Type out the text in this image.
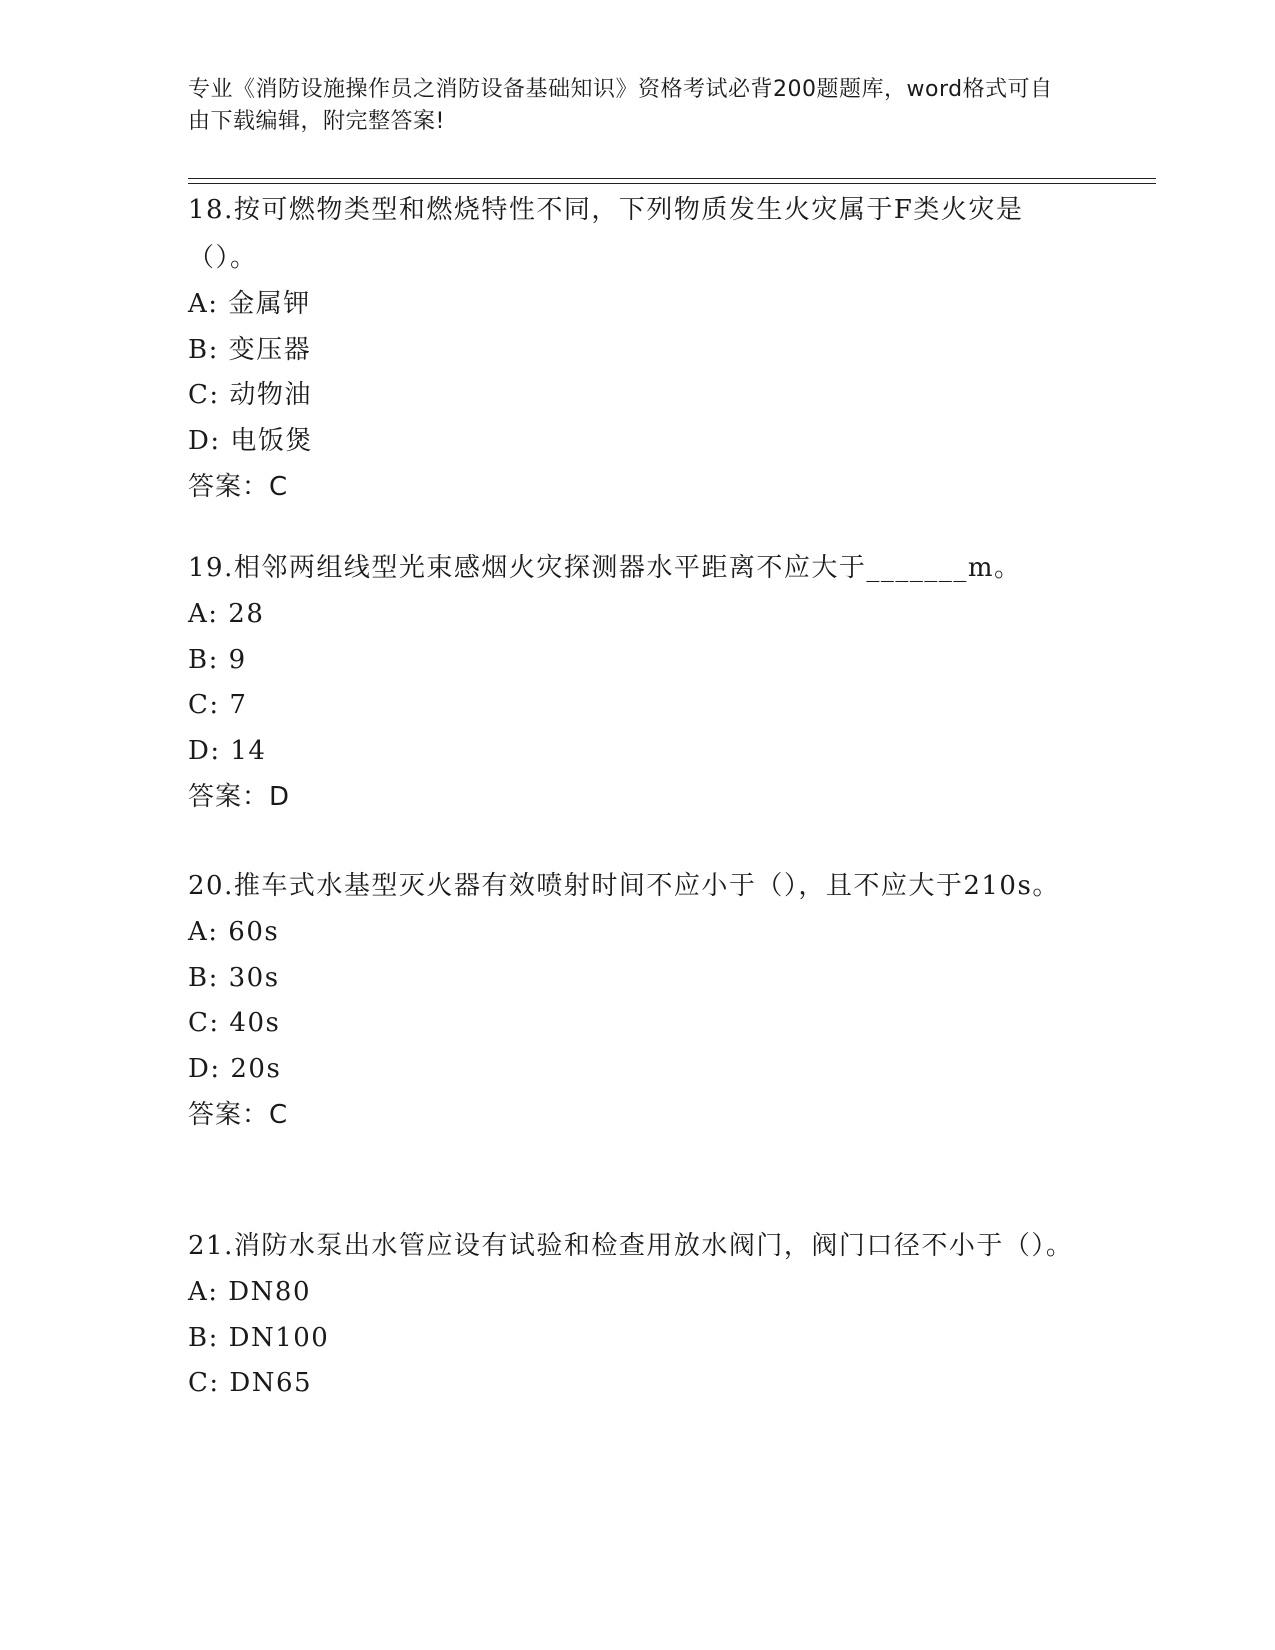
专业《消防设施操作员之消防设备基础知识》资格考试必背200题题库，word格式可自由下载编辑，附完整答案!
18.按可燃物类型和燃烧特性不同，下列物质发生火灾属于F类火灾是（）。
A: 金属钾
B: 变压器
C: 动物油
D: 电饭煲
答案：C
19.相邻两组线型光束感烟火灾探测器水平距离不应大于_______m。
A: 28
B: 9
C: 7
D: 14
答案：D
20.推车式水基型灭火器有效喷射时间不应小于（），且不应大于210s。
A: 60s
B: 30s
C: 40s
D: 20s
答案：C
21.消防水泵出水管应设有试验和检查用放水阀门，阀门口径不小于（）。
A: DN80
B: DN100
C: DN65
